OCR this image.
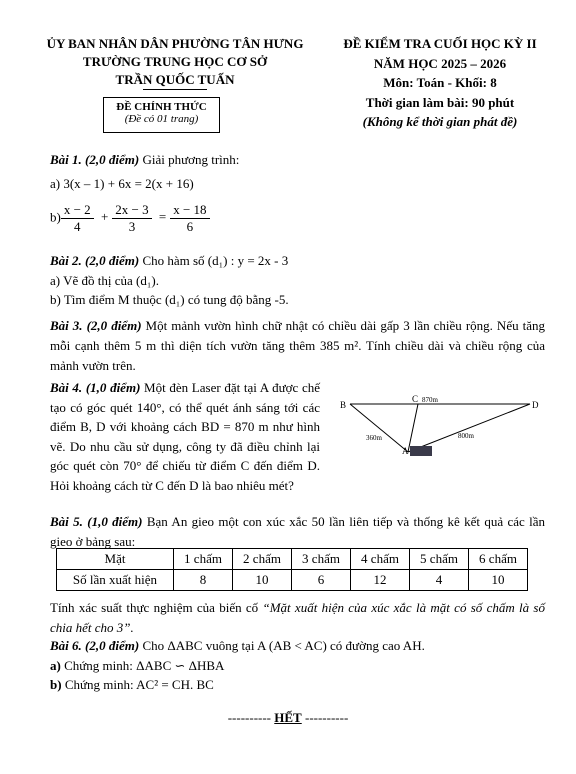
ỦY BAN NHÂN DÂN PHƯỜNG TÂN HƯNG
TRƯỜNG TRUNG HỌC CƠ SỞ
TRẦN QUỐC TUẤN
ĐỀ CHÍNH THỨC
(Đề có 01 trang)
ĐỀ KIỂM TRA CUỐI HỌC KỲ II
NĂM HỌC 2025 – 2026
Môn: Toán - Khối: 8
Thời gian làm bài: 90 phút
(Không kể thời gian phát đề)
Bài 1. (2,0 điểm) Giải phương trình:
a) 3(x – 1) + 6x = 2(x + 16)
$b) \frac{x - 2}{4} + \frac{2x - 3}{3} = \frac{x - 18}{6}$
Bài 2. (2,0 điểm) Cho hàm số (d₁) : y = 2x - 3
a) Vẽ đồ thị của (d₁).
b) Tìm điểm M thuộc (d₁) có tung độ bằng -5.
Bài 3. (2,0 điểm) Một mảnh vườn hình chữ nhật có chiều dài gấp 3 lần chiều rộng. Nếu tăng mỗi cạnh thêm 5 m thì diện tích vườn tăng thêm 385 m². Tính chiều dài và chiều rộng của mảnh vườn trên.
Bài 4. (1,0 điểm) Một đèn Laser đặt tại A được chế tạo có góc quét 140°, có thể quét ánh sáng tới các điểm B, D với khoảng cách BD = 870 m như hình vẽ. Do nhu cầu sử dụng, công ty đã điều chỉnh lại góc quét còn 70° để chiếu từ điểm C đến điểm D. Hỏi khoảng cách từ C đến D là bao nhiêu mét?
B
C
D
A
870m
360m	800m
Bài 5. (1,0 điểm) Bạn An gieo một con xúc xắc 50 lần liên tiếp và thống kê kết quả các lần gieo ở bảng sau:
Mặt	1 chấm	2 chấm	3 chấm	4 chấm	5 chấm	6 chấm
Số lần xuất hiện	8	10	6	12	4	10
Tính xác suất thực nghiệm của biến cố “Mặt xuất hiện của xúc xắc là mặt có số chấm là số chia hết cho 3”.
Bài 6. (2,0 điểm) Cho ΔABC vuông tại A (AB < AC) có đường cao AH.
a) Chứng minh: ΔABC ∽ ΔHBA
b) Chứng minh: AC² = CH. BC
---------- HẾT ----------
